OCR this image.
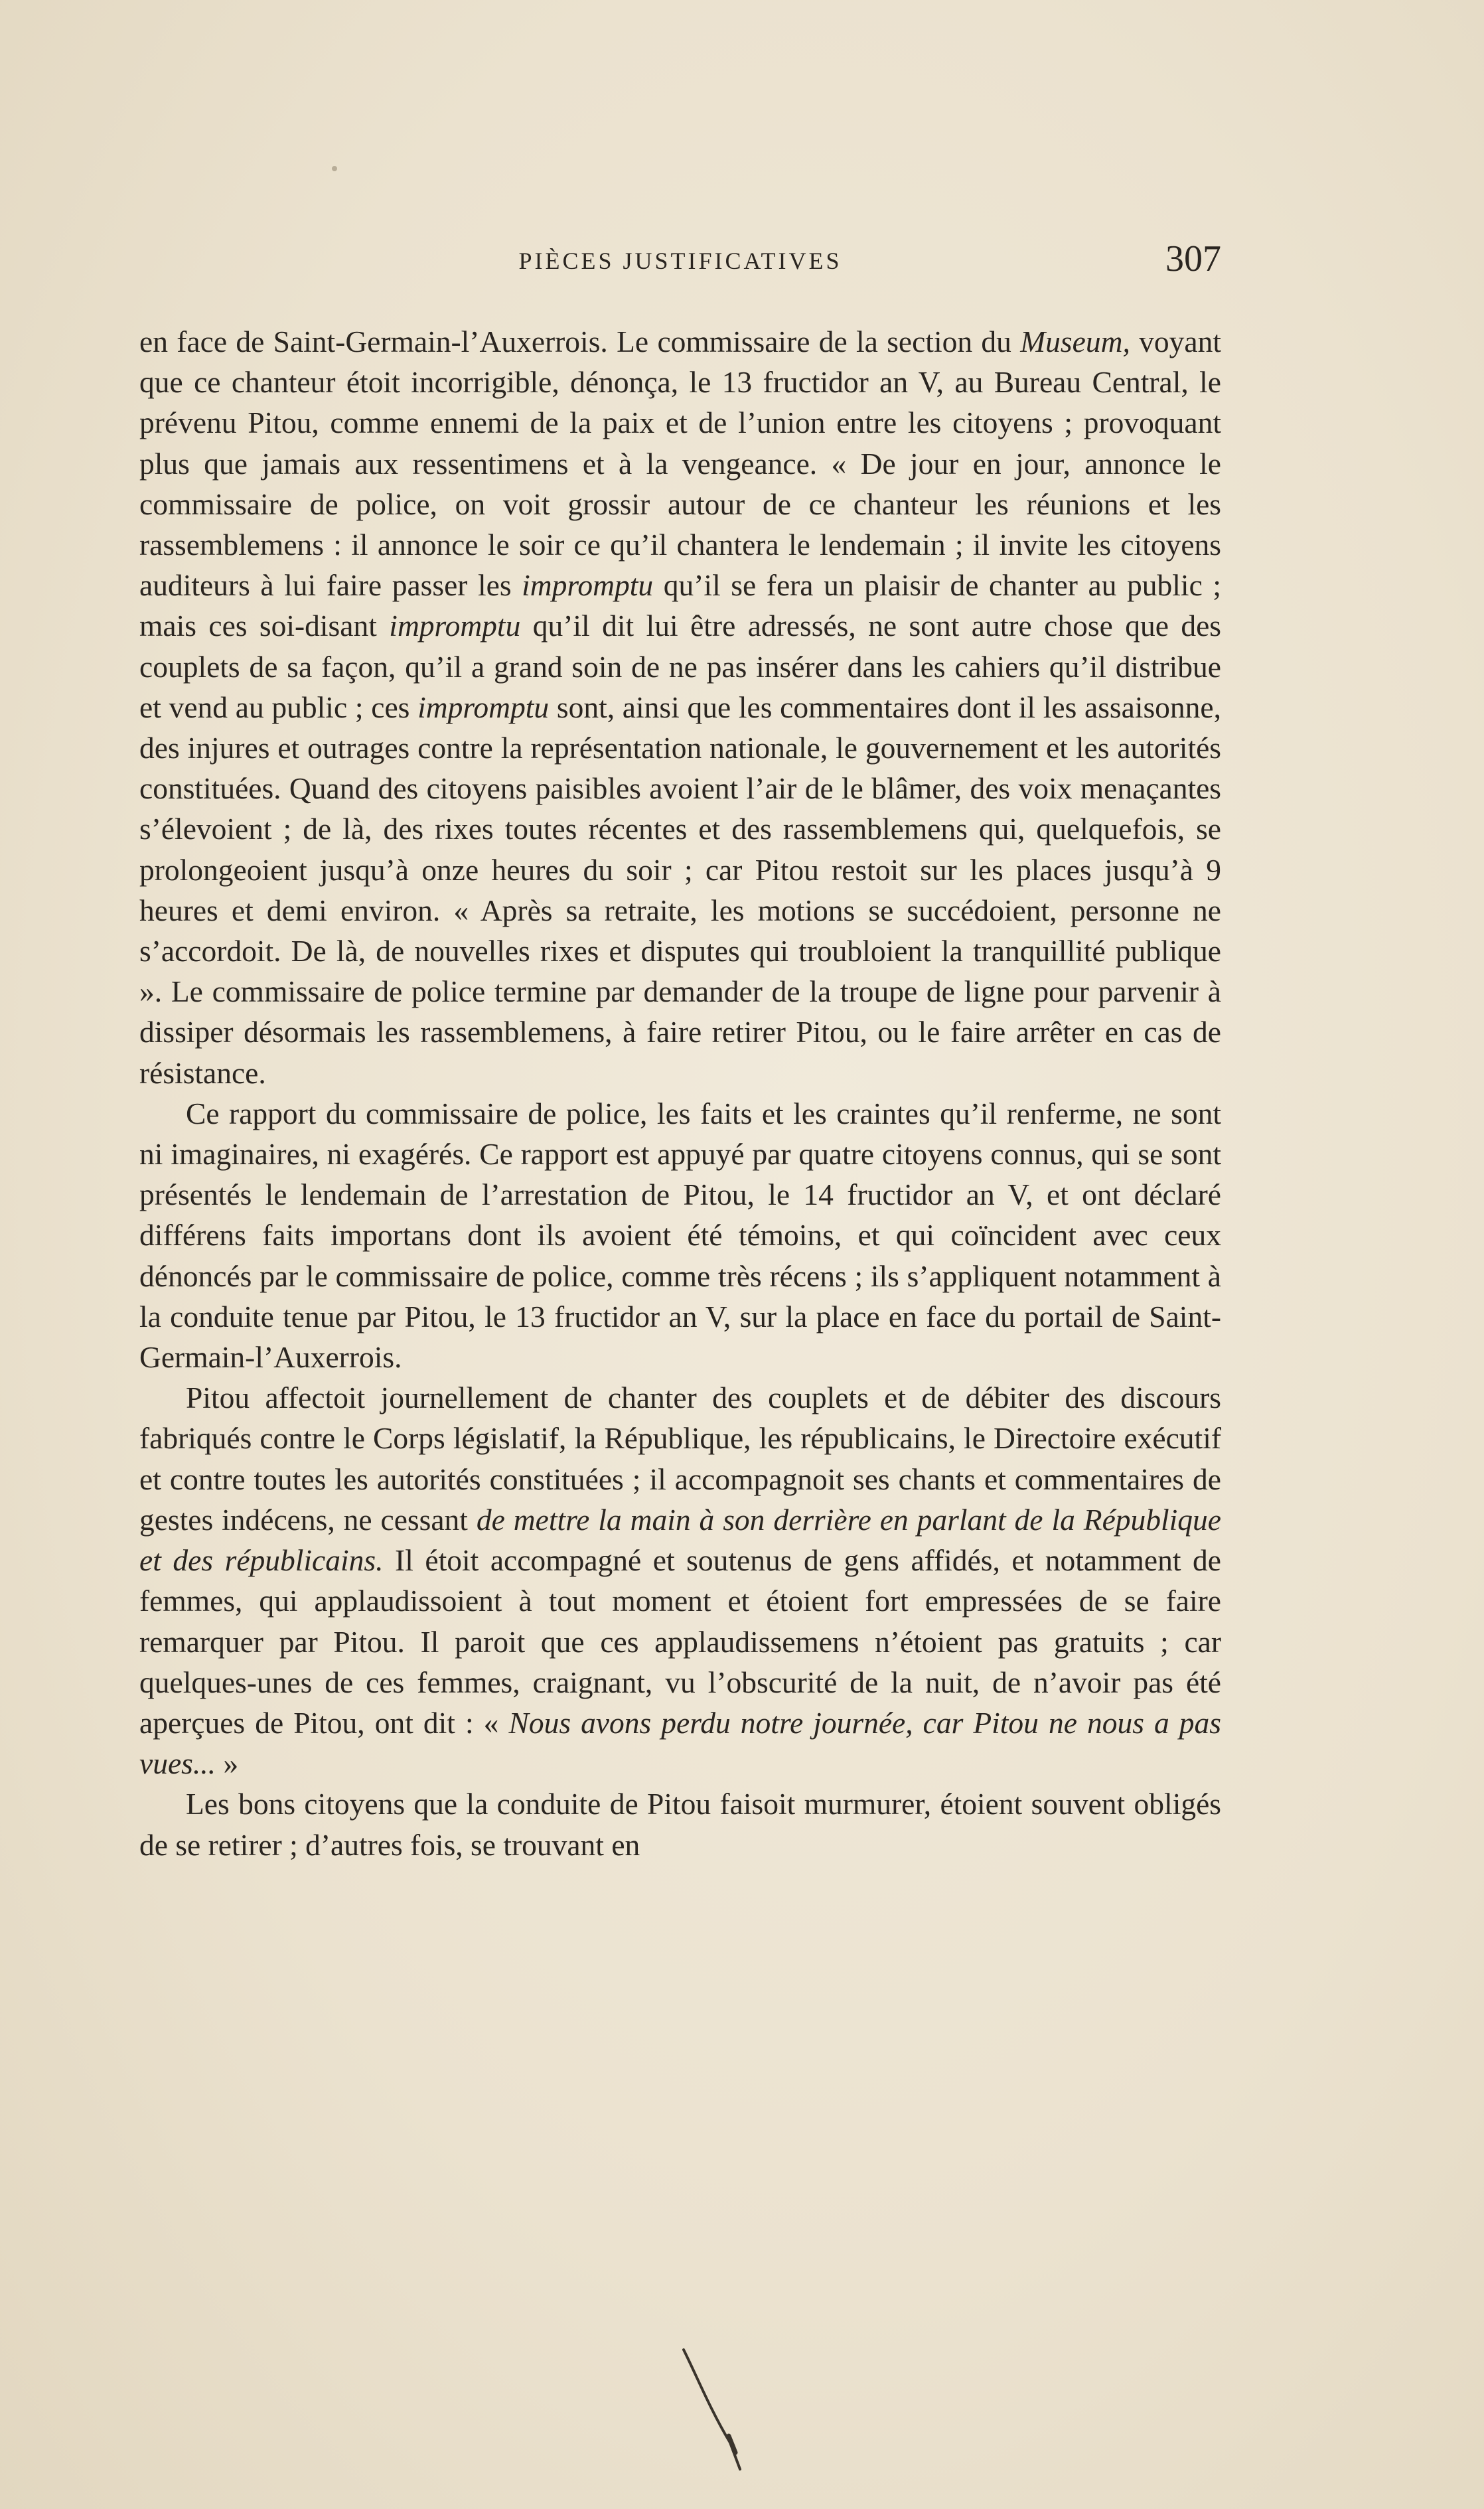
PIÈCES JUSTIFICATIVES	307

en face de Saint-Germain-l’Auxerrois. Le commissaire de la section du Museum, voyant que ce chanteur étoit incorrigible, dénonça, le 13 fructidor an V, au Bureau Central, le prévenu Pitou, comme ennemi de la paix et de l’union entre les citoyens ; provoquant plus que jamais aux ressentimens et à la vengeance. « De jour en jour, annonce le commissaire de police, on voit grossir autour de ce chanteur les réunions et les rassemblemens : il annonce le soir ce qu’il chantera le lendemain ; il invite les citoyens auditeurs à lui faire passer les impromptu qu’il se fera un plaisir de chanter au public ; mais ces soi-disant impromptu qu’il dit lui être adressés, ne sont autre chose que des couplets de sa façon, qu’il a grand soin de ne pas insérer dans les cahiers qu’il distribue et vend au public ; ces impromptu sont, ainsi que les commentaires dont il les assaisonne, des injures et outrages contre la représentation nationale, le gouvernement et les autorités constituées. Quand des citoyens paisibles avoient l’air de le blâmer, des voix menaçantes s’élevoient ; de là, des rixes toutes récentes et des rassemblemens qui, quelquefois, se prolongeoient jusqu’à onze heures du soir ; car Pitou restoit sur les places jusqu’à 9 heures et demi environ. « Après sa retraite, les motions se succédoient, personne ne s’accordoit. De là, de nouvelles rixes et disputes qui troubloient la tranquillité publique ». Le commissaire de police termine par demander de la troupe de ligne pour parvenir à dissiper désormais les rassemblemens, à faire retirer Pitou, ou le faire arrêter en cas de résistance.

Ce rapport du commissaire de police, les faits et les craintes qu’il renferme, ne sont ni imaginaires, ni exagérés. Ce rapport est appuyé par quatre citoyens connus, qui se sont présentés le lendemain de l’arrestation de Pitou, le 14 fructidor an V, et ont déclaré différens faits importans dont ils avoient été témoins, et qui coïncident avec ceux dénoncés par le commissaire de police, comme très récens ; ils s’appliquent notamment à la conduite tenue par Pitou, le 13 fructidor an V, sur la place en face du portail de Saint-Germain-l’Auxerrois.

Pitou affectoit journellement de chanter des couplets et de débiter des discours fabriqués contre le Corps législatif, la République, les républicains, le Directoire exécutif et contre toutes les autorités constituées ; il accompagnoit ses chants et commentaires de gestes indécens, ne cessant de mettre la main à son derrière en parlant de la République et des républicains. Il étoit accompagné et soutenus de gens affidés, et notamment de femmes, qui applaudissoient à tout moment et étoient fort empressées de se faire remarquer par Pitou. Il paroit que ces applaudissemens n’étoient pas gratuits ; car quelques-unes de ces femmes, craignant, vu l’obscurité de la nuit, de n’avoir pas été aperçues de Pitou, ont dit : « Nous avons perdu notre journée, car Pitou ne nous a pas vues... »

Les bons citoyens que la conduite de Pitou faisoit murmurer, étoient souvent obligés de se retirer ; d’autres fois, se trouvant en
